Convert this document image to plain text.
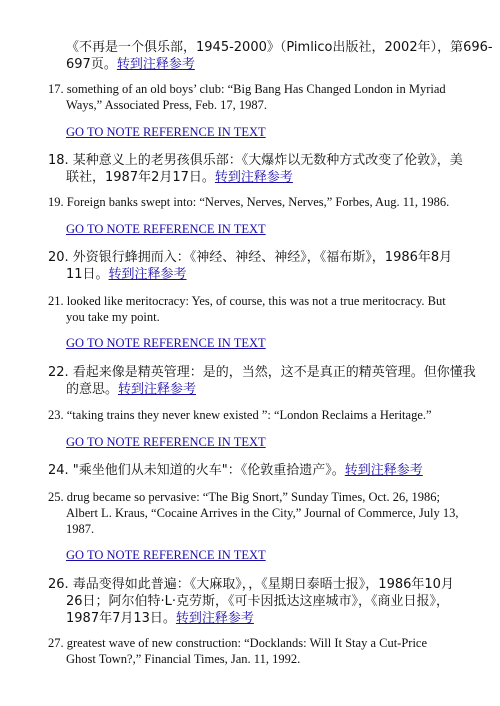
《不再是一个俱乐部，1945-2000》（Pimlico出版社，2002年），第696-
697页。转到注释参考
17. something of an old boys’ club: “Big Bang Has Changed London in Myriad
Ways,” Associated Press, Feb. 17, 1987.
GO TO NOTE REFERENCE IN TEXT
18. 某种意义上的老男孩俱乐部：《大爆炸以无数种方式改变了伦敦》，美
联社，1987年2月17日。转到注释参考
19. Foreign banks swept into: “Nerves, Nerves, Nerves,” Forbes, Aug. 11, 1986.
GO TO NOTE REFERENCE IN TEXT
20. 外资银行蜂拥而入：《神经、神经、神经》，《福布斯》，1986年8月
11日。转到注释参考
21. looked like meritocracy: Yes, of course, this was not a true meritocracy. But
you take my point.
GO TO NOTE REFERENCE IN TEXT
22. 看起来像是精英管理：是的，当然，这不是真正的精英管理。但你懂我
的意思。转到注释参考
23. “taking trains they never knew existed ”: “London Reclaims a Heritage.”
GO TO NOTE REFERENCE IN TEXT
24. "乘坐他们从未知道的火车"：《伦敦重拾遗产》。转到注释参考
25. drug became so pervasive: “The Big Snort,” Sunday Times, Oct. 26, 1986;
Albert L. Kraus, “Cocaine Arrives in the City,” Journal of Commerce, July 13,
1987.
GO TO NOTE REFERENCE IN TEXT
26. 毒品变得如此普遍：《大麻取》，，《星期日泰晤士报》，1986年10月
26日；阿尔伯特·L·克劳斯，《可卡因抵达这座城市》，《商业日报》，
1987年7月13日。转到注释参考
27. greatest wave of new construction: “Docklands: Will It Stay a Cut-Price
Ghost Town?,” Financial Times, Jan. 11, 1992.
